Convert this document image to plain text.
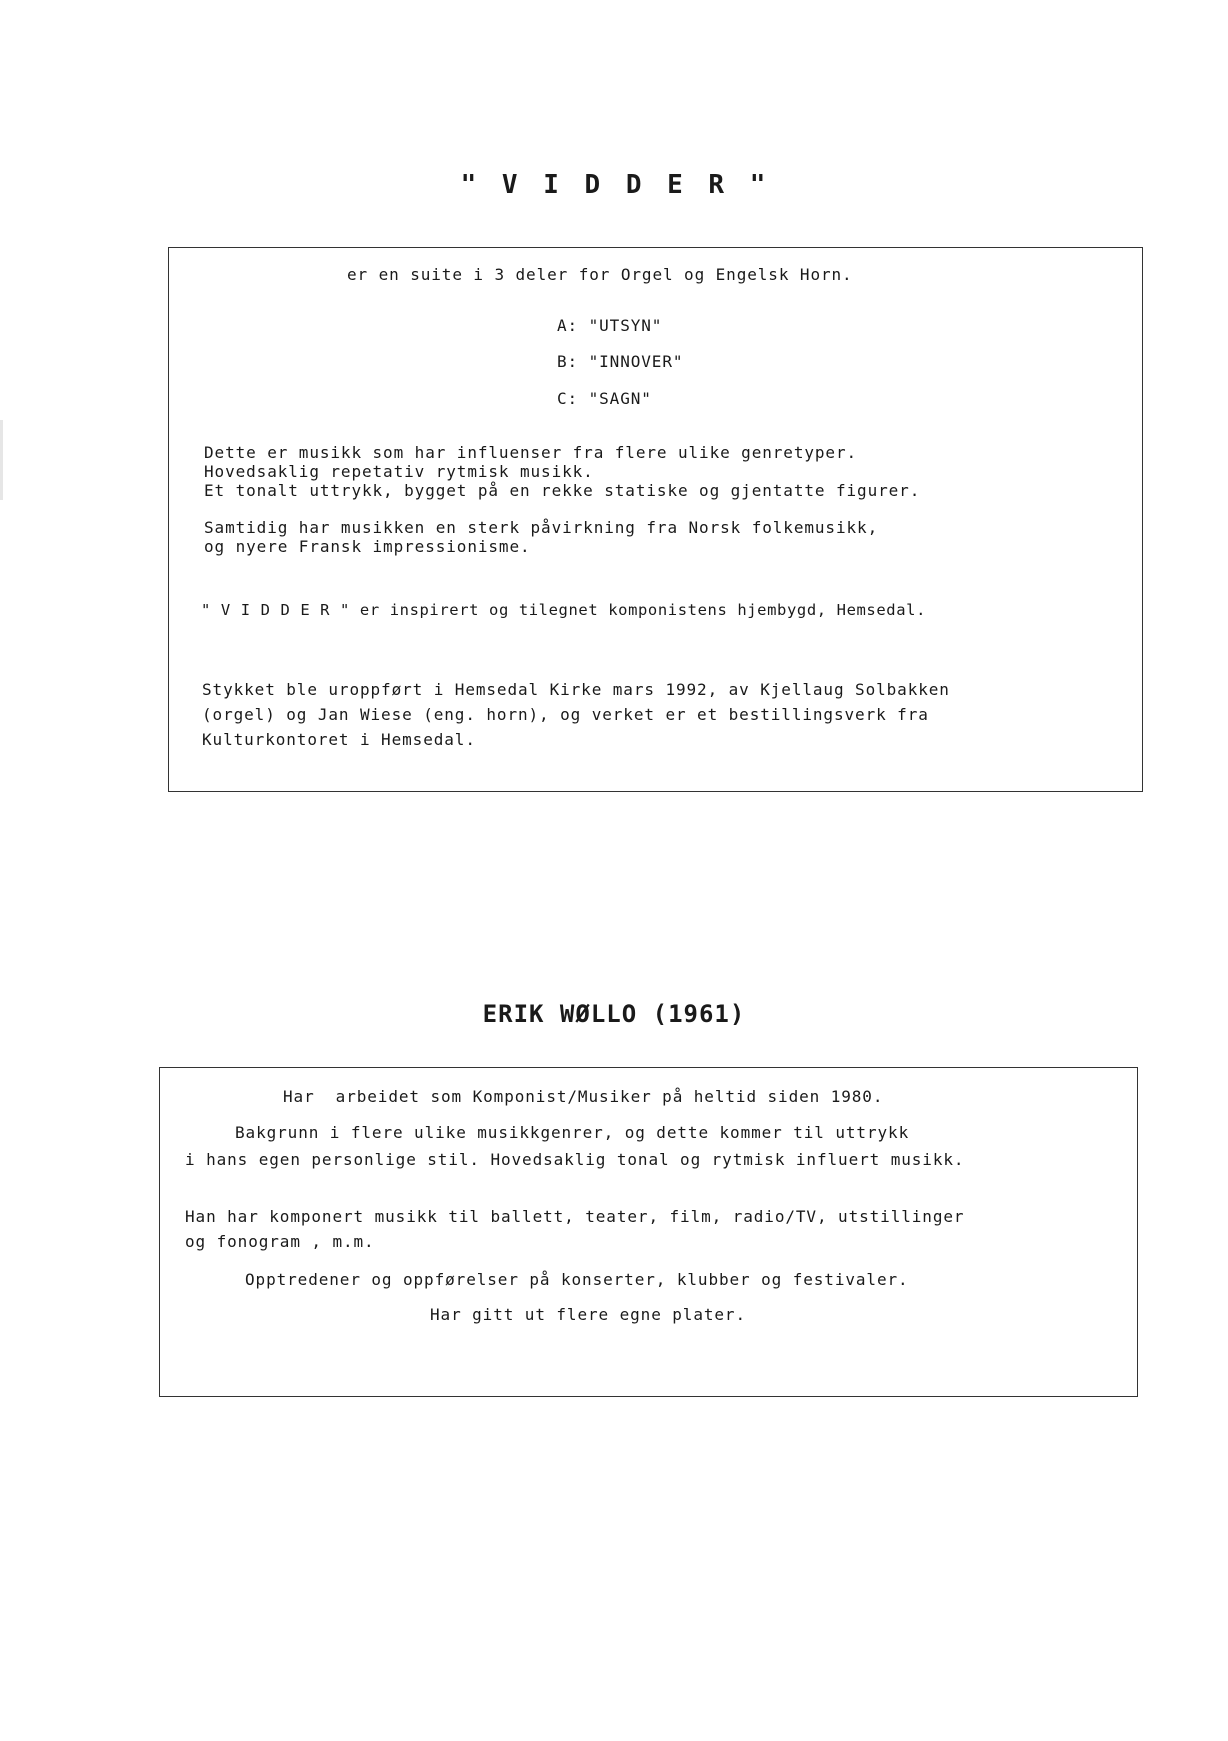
" V I D D E R "

er en suite i 3 deler for Orgel og Engelsk Horn.

A: "UTSYN"

B: "INNOVER"

C: "SAGN"

Dette er musikk som har influenser fra flere ulike genretyper.

Hovedsaklig repetativ rytmisk musikk.

Et tonalt uttrykk, bygget på en rekke statiske og gjentatte figurer.

Samtidig har musikken en sterk påvirkning fra Norsk folkemusikk,

og nyere Fransk impressionisme.

" V I D D E R " er inspirert og tilegnet komponistens hjembygd, Hemsedal.

Stykket ble uroppført i Hemsedal Kirke mars 1992, av Kjellaug Solbakken

(orgel) og Jan Wiese (eng. horn), og verket er et bestillingsverk fra

Kulturkontoret i Hemsedal.

ERIK WØLLO (1961)

Har  arbeidet som Komponist/Musiker på heltid siden 1980.

Bakgrunn i flere ulike musikkgenrer, og dette kommer til uttrykk

i hans egen personlige stil. Hovedsaklig tonal og rytmisk influert musikk.

Han har komponert musikk til ballett, teater, film, radio/TV, utstillinger

og fonogram , m.m.

Opptredener og oppførelser på konserter, klubber og festivaler.

Har gitt ut flere egne plater.
